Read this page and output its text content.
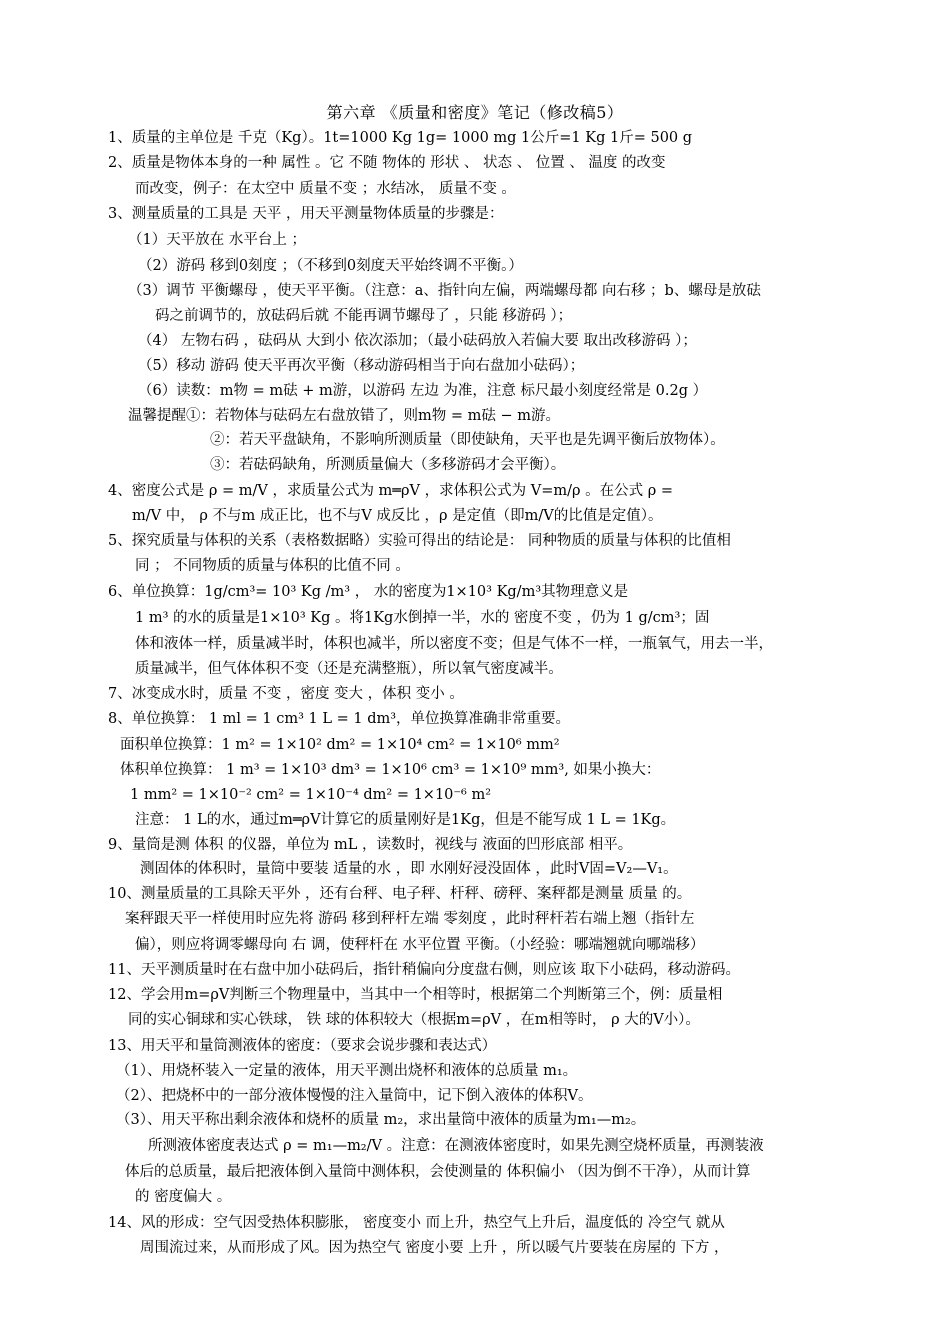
第六章 《质量和密度》笔记（修改稿5）
1、质量的主单位是 千克（Kg）。1t=1000 Kg 1g= 1000 mg 1公斤=1 Kg 1斤= 500 g
2、质量是物体本身的一种 属性 。它 不随 物体的 形状 、 状态 、 位置 、 温度 的改变
而改变，例子：在太空中 质量不变 ；水结冰， 质量不变 。
3、测量质量的工具是 天平 ，用天平测量物体质量的步骤是：
（1）天平放在 水平台上 ；
（2）游码 移到0刻度 ；（不移到0刻度天平始终调不平衡。）
（3）调节 平衡螺母 ，使天平平衡。（注意：a、指针向左偏，两端螺母都 向右移 ；b、螺母是放砝
码之前调节的，放砝码后就 不能再调节螺母了 ，只能 移游码 ）；
（4） 左物右码 ，砝码从 大到小 依次添加；（最小砝码放入若偏大要 取出改移游码 ）；
（5）移动 游码 使天平再次平衡（移动游码相当于向右盘加小砝码）；
（6）读数：m物 = m砝 + m游，以游码 左边 为准，注意 标尺最小刻度经常是 0.2g ）
温馨提醒①：若物体与砝码左右盘放错了，则m物 = m砝 − m游。
②：若天平盘缺角，不影响所测质量（即使缺角，天平也是先调平衡后放物体）。
③：若砝码缺角，所测质量偏大（多移游码才会平衡）。
4、密度公式是 ρ = m/V ，求质量公式为 m═ρV ，求体积公式为 V=m/ρ 。在公式 ρ =
m/V 中， ρ 不与m 成正比，也不与V 成反比 ，ρ 是定值（即m/V的比值是定值）。
5、探究质量与体积的关系（表格数据略）实验可得出的结论是： 同种物质的质量与体积的比值相
同 ； 不同物质的质量与体积的比值不同 。
6、单位换算：1g/cm³= 10³ Kg /m³ ， 水的密度为1×10³ Kg/m³其物理意义是
1 m³ 的水的质量是1×10³ Kg 。将1Kg水倒掉一半，水的 密度不变 ，仍为 1 g/cm³；固
体和液体一样，质量减半时，体积也减半，所以密度不变；但是气体不一样，一瓶氧气，用去一半，
质量减半，但气体体积不变（还是充满整瓶），所以氧气密度减半。
7、冰变成水时，质量 不变 ，密度 变大 ，体积 变小 。
8、单位换算： 1 ml = 1 cm³ 1 L = 1 dm³，单位换算准确非常重要。
面积单位换算：1 m² = 1×10² dm² = 1×10⁴ cm² = 1×10⁶ mm²
体积单位换算： 1 m³ = 1×10³ dm³ = 1×10⁶ cm³ = 1×10⁹ mm³, 如果小换大：
1 mm² = 1×10⁻² cm² = 1×10⁻⁴ dm² = 1×10⁻⁶ m²
注意： 1 L的水，通过m═ρV计算它的质量刚好是1Kg，但是不能写成 1 L = 1Kg。
9、量筒是测 体积 的仪器，单位为 mL ，读数时，视线与 液面的凹形底部 相平。
测固体的体积时，量筒中要装 适量的水 ，即 水刚好浸没固体 ，此时V固=V₂—V₁。
10、测量质量的工具除天平外 ，还有台秤、电子秤、杆秤、磅秤、案秤都是测量 质量 的。
案秤跟天平一样使用时应先将 游码 移到秤杆左端 零刻度 ，此时秤杆若右端上翘（指针左
偏），则应将调零螺母向 右 调，使秤杆在 水平位置 平衡。（小经验：哪端翘就向哪端移）
11、天平测质量时在右盘中加小砝码后，指针稍偏向分度盘右侧，则应该 取下小砝码，移动游码。
12、学会用m=ρV判断三个物理量中，当其中一个相等时，根据第二个判断第三个，例：质量相
同的实心铜球和实心铁球， 铁 球的体积较大（根据m=ρV ，在m相等时， ρ 大的V小）。
13、用天平和量筒测液体的密度：（要求会说步骤和表达式）
（1）、用烧杯装入一定量的液体，用天平测出烧杯和液体的总质量 m₁。
（2）、把烧杯中的一部分液体慢慢的注入量筒中，记下倒入液体的体积V。
（3）、用天平称出剩余液体和烧杯的质量 m₂，求出量筒中液体的质量为m₁—m₂。
所测液体密度表达式 ρ = m₁—m₂/V 。注意：在测液体密度时，如果先测空烧杯质量，再测装液
体后的总质量，最后把液体倒入量筒中测体积，会使测量的 体积偏小 （因为倒不干净），从而计算
的 密度偏大 。
14、风的形成：空气因受热体积膨胀， 密度变小 而上升，热空气上升后，温度低的 冷空气 就从
周围流过来，从而形成了风。因为热空气 密度小要 上升 ，所以暖气片要装在房屋的 下方 ，
